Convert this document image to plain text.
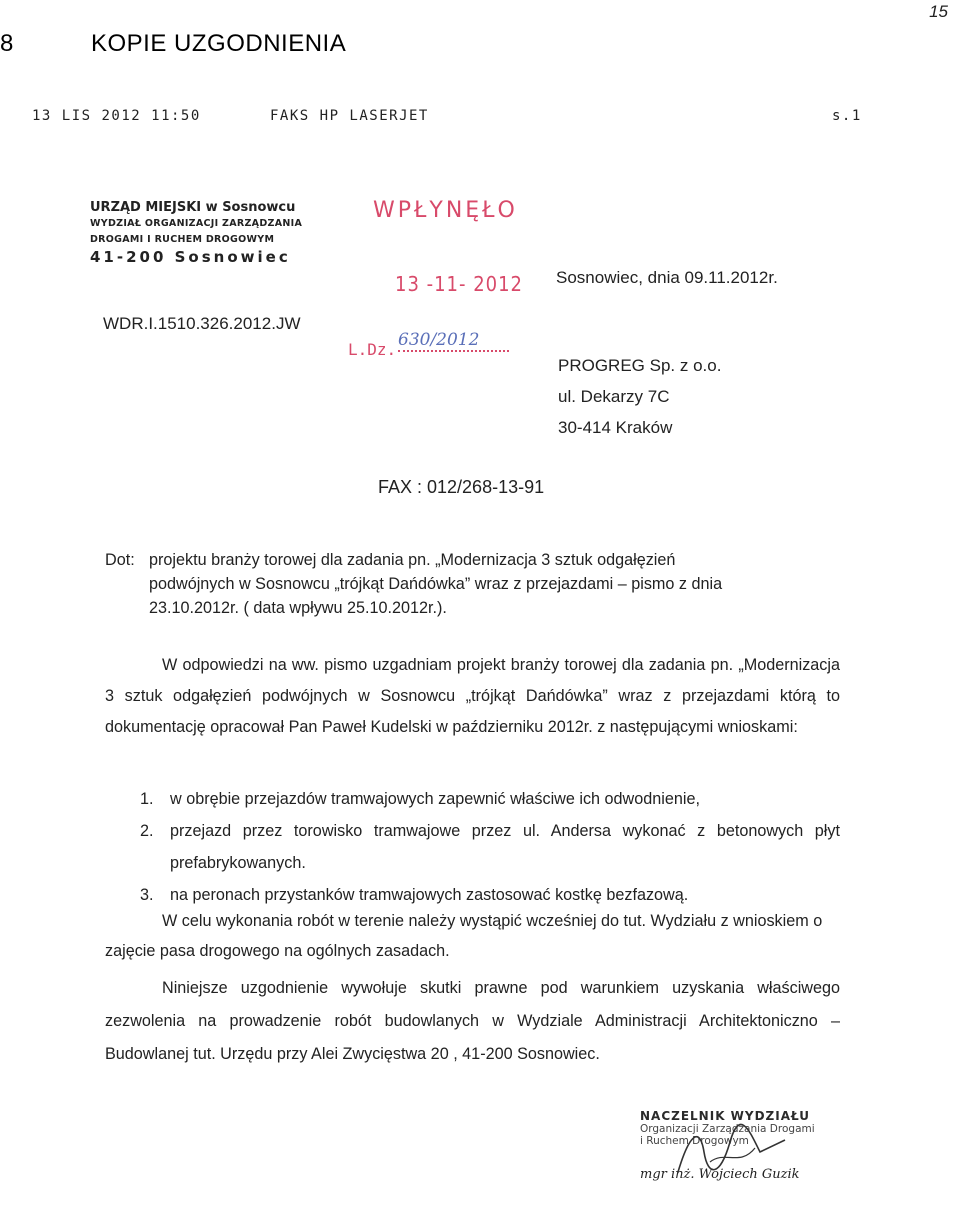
15
8	KOPIE UZGODNIENIA
13 LIS 2012 11:50	FAKS HP LASERJET	s.1
URZĄD MIEJSKI w Sosnowcu
WYDZIAŁ ORGANIZACJI ZARZĄDZANIA
DROGAMI I RUCHEM DROGOWYM
41-200 Sosnowiec
WPŁYNĘŁO
13 -11- 2012
L.Dz. 630/2012
Sosnowiec, dnia 09.11.2012r.
WDR.I.1510.326.2012.JW
PROGREG Sp. z o.o.
ul. Dekarzy 7C
30-414 Kraków
FAX : 012/268-13-91
Dot: projektu branży torowej dla zadania pn. „Modernizacja 3 sztuk odgałęzień
podwójnych w Sosnowcu „trójkąt Dańdówka” wraz z przejazdami – pismo z dnia
23.10.2012r. ( data wpływu 25.10.2012r.).
W odpowiedzi na ww. pismo uzgadniam projekt branży torowej dla zadania pn. „Modernizacja 3 sztuk odgałęzień podwójnych w Sosnowcu „trójkąt Dańdówka” wraz z przejazdami którą to dokumentację opracował Pan Paweł Kudelski w październiku 2012r. z następującymi wnioskami:
1.	w obrębie przejazdów tramwajowych zapewnić właściwe ich odwodnienie,
2.	przejazd przez torowisko tramwajowe przez ul. Andersa wykonać z betonowych płyt prefabrykowanych.
3.	na peronach przystanków tramwajowych zastosować kostkę bezfazową.
W celu wykonania robót w terenie należy wystąpić wcześniej do tut. Wydziału z wnioskiem o zajęcie pasa drogowego na ogólnych zasadach.
Niniejsze uzgodnienie wywołuje skutki prawne pod warunkiem uzyskania właściwego zezwolenia na prowadzenie robót budowlanych w Wydziale Administracji Architektoniczno – Budowlanej tut. Urzędu przy Alei Zwycięstwa 20 , 41-200 Sosnowiec.
NACZELNIK WYDZIAŁU
Organizacji Zarządzania Drogami
i Ruchem Drogowym
mgr inż. Wojciech Guzik
